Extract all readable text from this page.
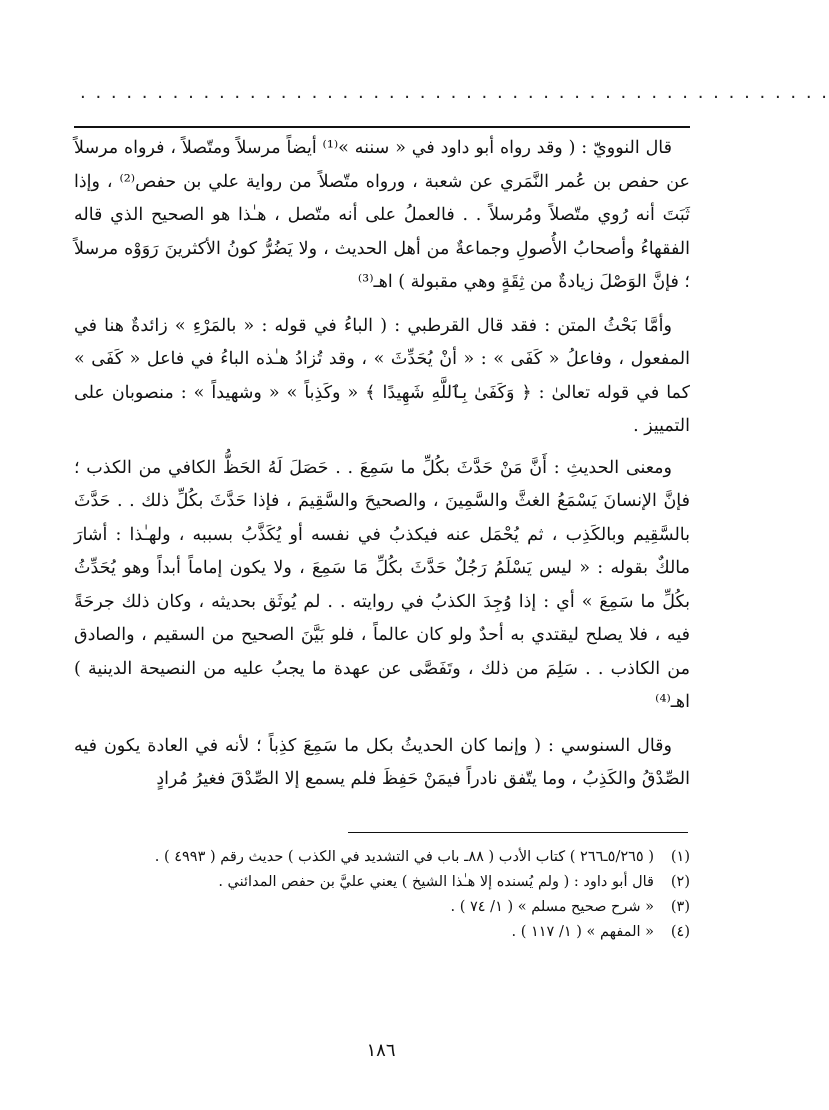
. . . . . . . . . . . . . . . . . . . . . . . . . . . . . . . . . . . . . . . . . . . . . . . . .

قال النوويّ : ( وقد رواه أبو داود في « سننه »⁽¹⁾ أيضاً مرسلاً ومتّصلاً ، فرواه مرسلاً عن حفص بن عُمر النَّمَري عن شعبة ، ورواه متّصلاً من رواية علي بن حفص⁽²⁾ ، وإذا ثَبَتَ أنه رُوي متّصلاً ومُرسلاً . . فالعملُ على أنه متّصل ، هـٰذا هو الصحيح الذي قاله الفقهاءُ وأصحابُ الأُصولِ وجماعةٌ من أهل الحديث ، ولا يَضُرُّ كونُ الأكثرينَ رَوَوْه مرسلاً ؛ فإنَّ الوَصْلَ زيادةٌ من ثِقَةٍ وهي مقبولة ) اهـ⁽³⁾

وأمَّا بَحْثُ المتن : فقد قال القرطبي : ( الباءُ في قوله : « بالمَرْءِ » زائدةٌ هنا في المفعول ، وفاعلُ « كَفَى » : « أنْ يُحَدِّثَ » ، وقد تُزادُ هـٰذه الباءُ في فاعل « كَفَى » كما في قوله تعالىٰ : ﴿ وَكَفَىٰ بِٱللَّهِ شَهِيدًا ﴾ « وكَذِباً » « وشهيداً » : منصوبان على التمييز .

ومعنى الحديثِ : أَنَّ مَنْ حَدَّثَ بكُلِّ ما سَمِعَ . . حَصَلَ لَهُ الحَظُّ الكافي من الكذب ؛ فإنَّ الإنسانَ يَسْمَعُ الغثَّ والسَّمِينَ ، والصحيحَ والسَّقِيمَ ، فإذا حَدَّثَ بكُلِّ ذلك . . حَدَّثَ بالسَّقِيم وبالكَذِب ، ثم يُحْمَل عنه فيكذبُ في نفسه أو يُكَذَّبُ بسببه ، ولهـٰذا : أشارَ مالكٌ بقوله : « ليس يَسْلَمُ رَجُلٌ حَدَّثَ بكُلِّ مَا سَمِعَ ، ولا يكون إماماً أبداً وهو يُحَدِّثُ بكُلِّ ما سَمِعَ » أي : إذا وُجِدَ الكذبُ في روايته . . لم يُوثَق بحديثه ، وكان ذلك جرحَةً فيه ، فلا يصلح ليقتدي به أحدٌ ولو كان عالماً ، فلو بَيَّنَ الصحيح من السقيم ، والصادق من الكاذب . . سَلِمَ من ذلك ، وتَفَصَّى عن عهدة ما يجبُ عليه من النصيحة الدينية ) اهـ⁽⁴⁾

وقال السنوسي : ( وإنما كان الحديثُ بكل ما سَمِعَ كذِباً ؛ لأنه في العادة يكون فيه الصِّدْقُ والكَذِبُ ، وما يتّفق نادراً فيمَنْ حَفِظَ فلم يسمع إلا الصِّدْقَ فغيرُ مُرادٍ

(١)
( ٥/٢٦٥ـ٢٦٦ ) كتاب الأدب ( ٨٨ـ باب في التشديد في الكذب ) حديث رقم ( ٤٩٩٣ ) .
(٢)
قال أبو داود : ( ولم يُسنده إلا هـٰذا الشيخ ) يعني عليَّ بن حفص المدائني .
(٣)
« شرح صحيح مسلم » ( ١/ ٧٤ ) .
(٤)
« المفهم » ( ١/ ١١٧ ) .
١٨٦
